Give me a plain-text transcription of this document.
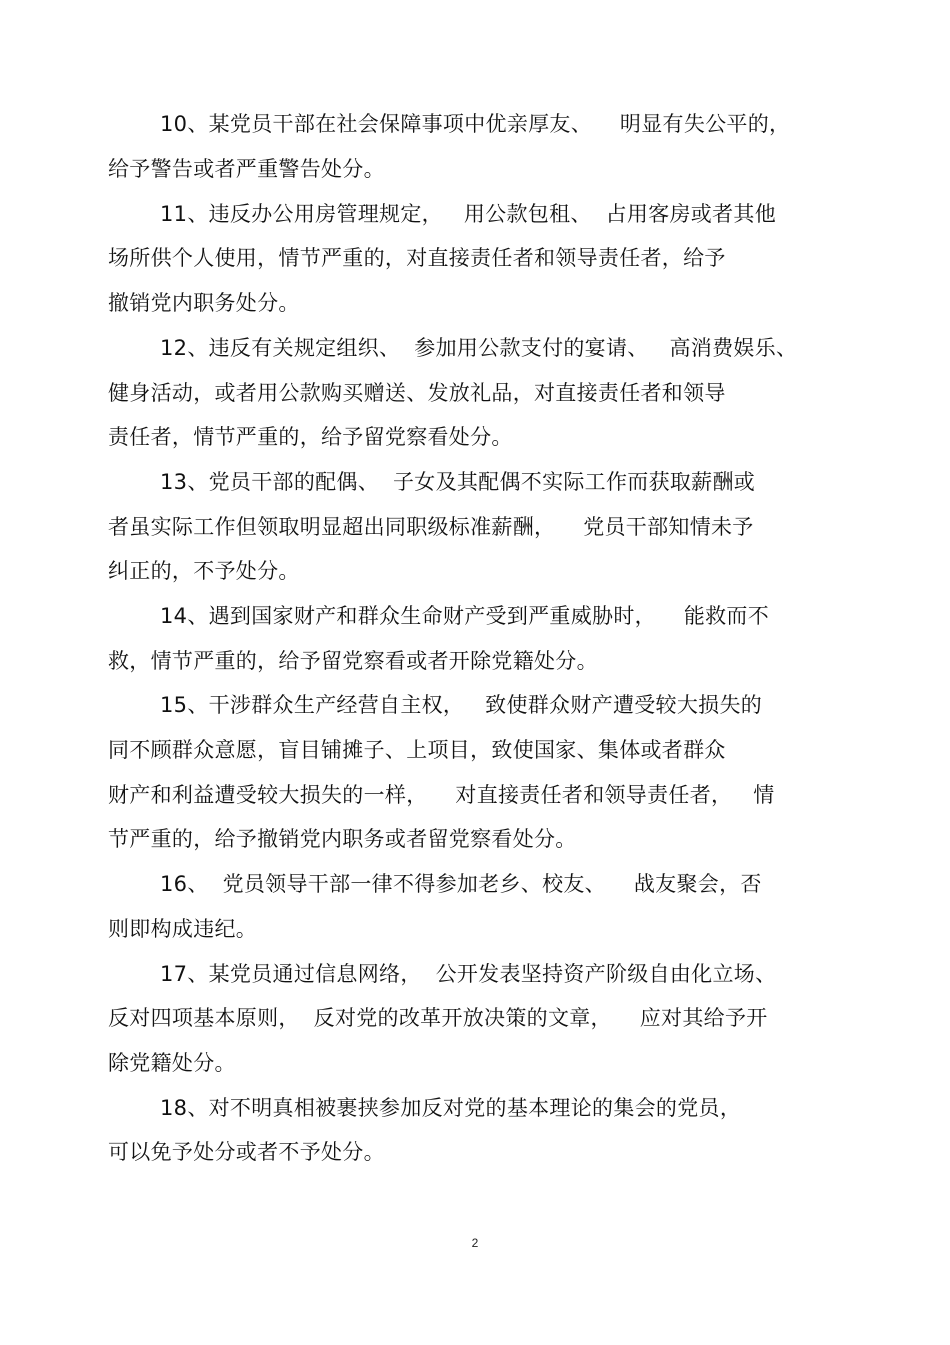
10、某党员干部在社会保障事项中优亲厚友、    明显有失公平的，
给予警告或者严重警告处分。
11、违反办公用房管理规定，   用公款包租、  占用客房或者其他
场所供个人使用，情节严重的，对直接责任者和领导责任者，给予
撤销党内职务处分。
12、违反有关规定组织、  参加用公款支付的宴请、   高消费娱乐、
健身活动，或者用公款购买赠送、发放礼品，对直接责任者和领导
责任者，情节严重的，给予留党察看处分。
13、党员干部的配偶、  子女及其配偶不实际工作而获取薪酬或
者虽实际工作但领取明显超出同职级标准薪酬，    党员干部知情未予
纠正的，不予处分。
14、遇到国家财产和群众生命财产受到严重威胁时，    能救而不
救，情节严重的，给予留党察看或者开除党籍处分。
15、干涉群众生产经营自主权，   致使群众财产遭受较大损失的
同不顾群众意愿，盲目铺摊子、上项目，致使国家、集体或者群众
财产和利益遭受较大损失的一样，    对直接责任者和领导责任者，   情
节严重的，给予撤销党内职务或者留党察看处分。
16、  党员领导干部一律不得参加老乡、校友、    战友聚会，否
则即构成违纪。
17、某党员通过信息网络，  公开发表坚持资产阶级自由化立场、
反对四项基本原则，  反对党的改革开放决策的文章，    应对其给予开
除党籍处分。
18、对不明真相被裹挟参加反对党的基本理论的集会的党员，
可以免予处分或者不予处分。
2
